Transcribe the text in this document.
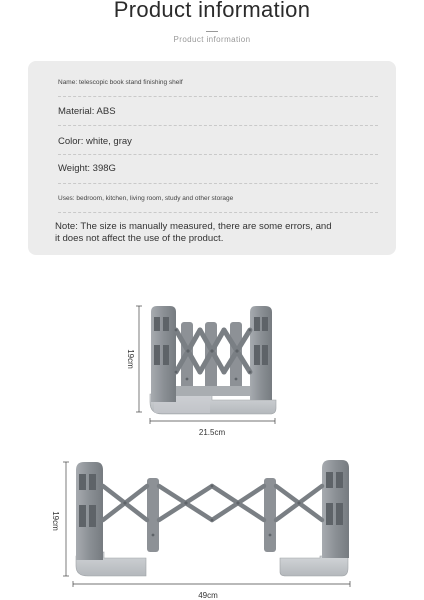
Product information
Product information
Name: telescopic book stand finishing shelf
Material: ABS
Color: white, gray
Weight: 398G
Uses: bedroom, kitchen, living room, study and other storage
Note: The size is manually measured, there are some errors, and
it does not affect the use of the product.
19cm
21.5cm
19cm
49cm
